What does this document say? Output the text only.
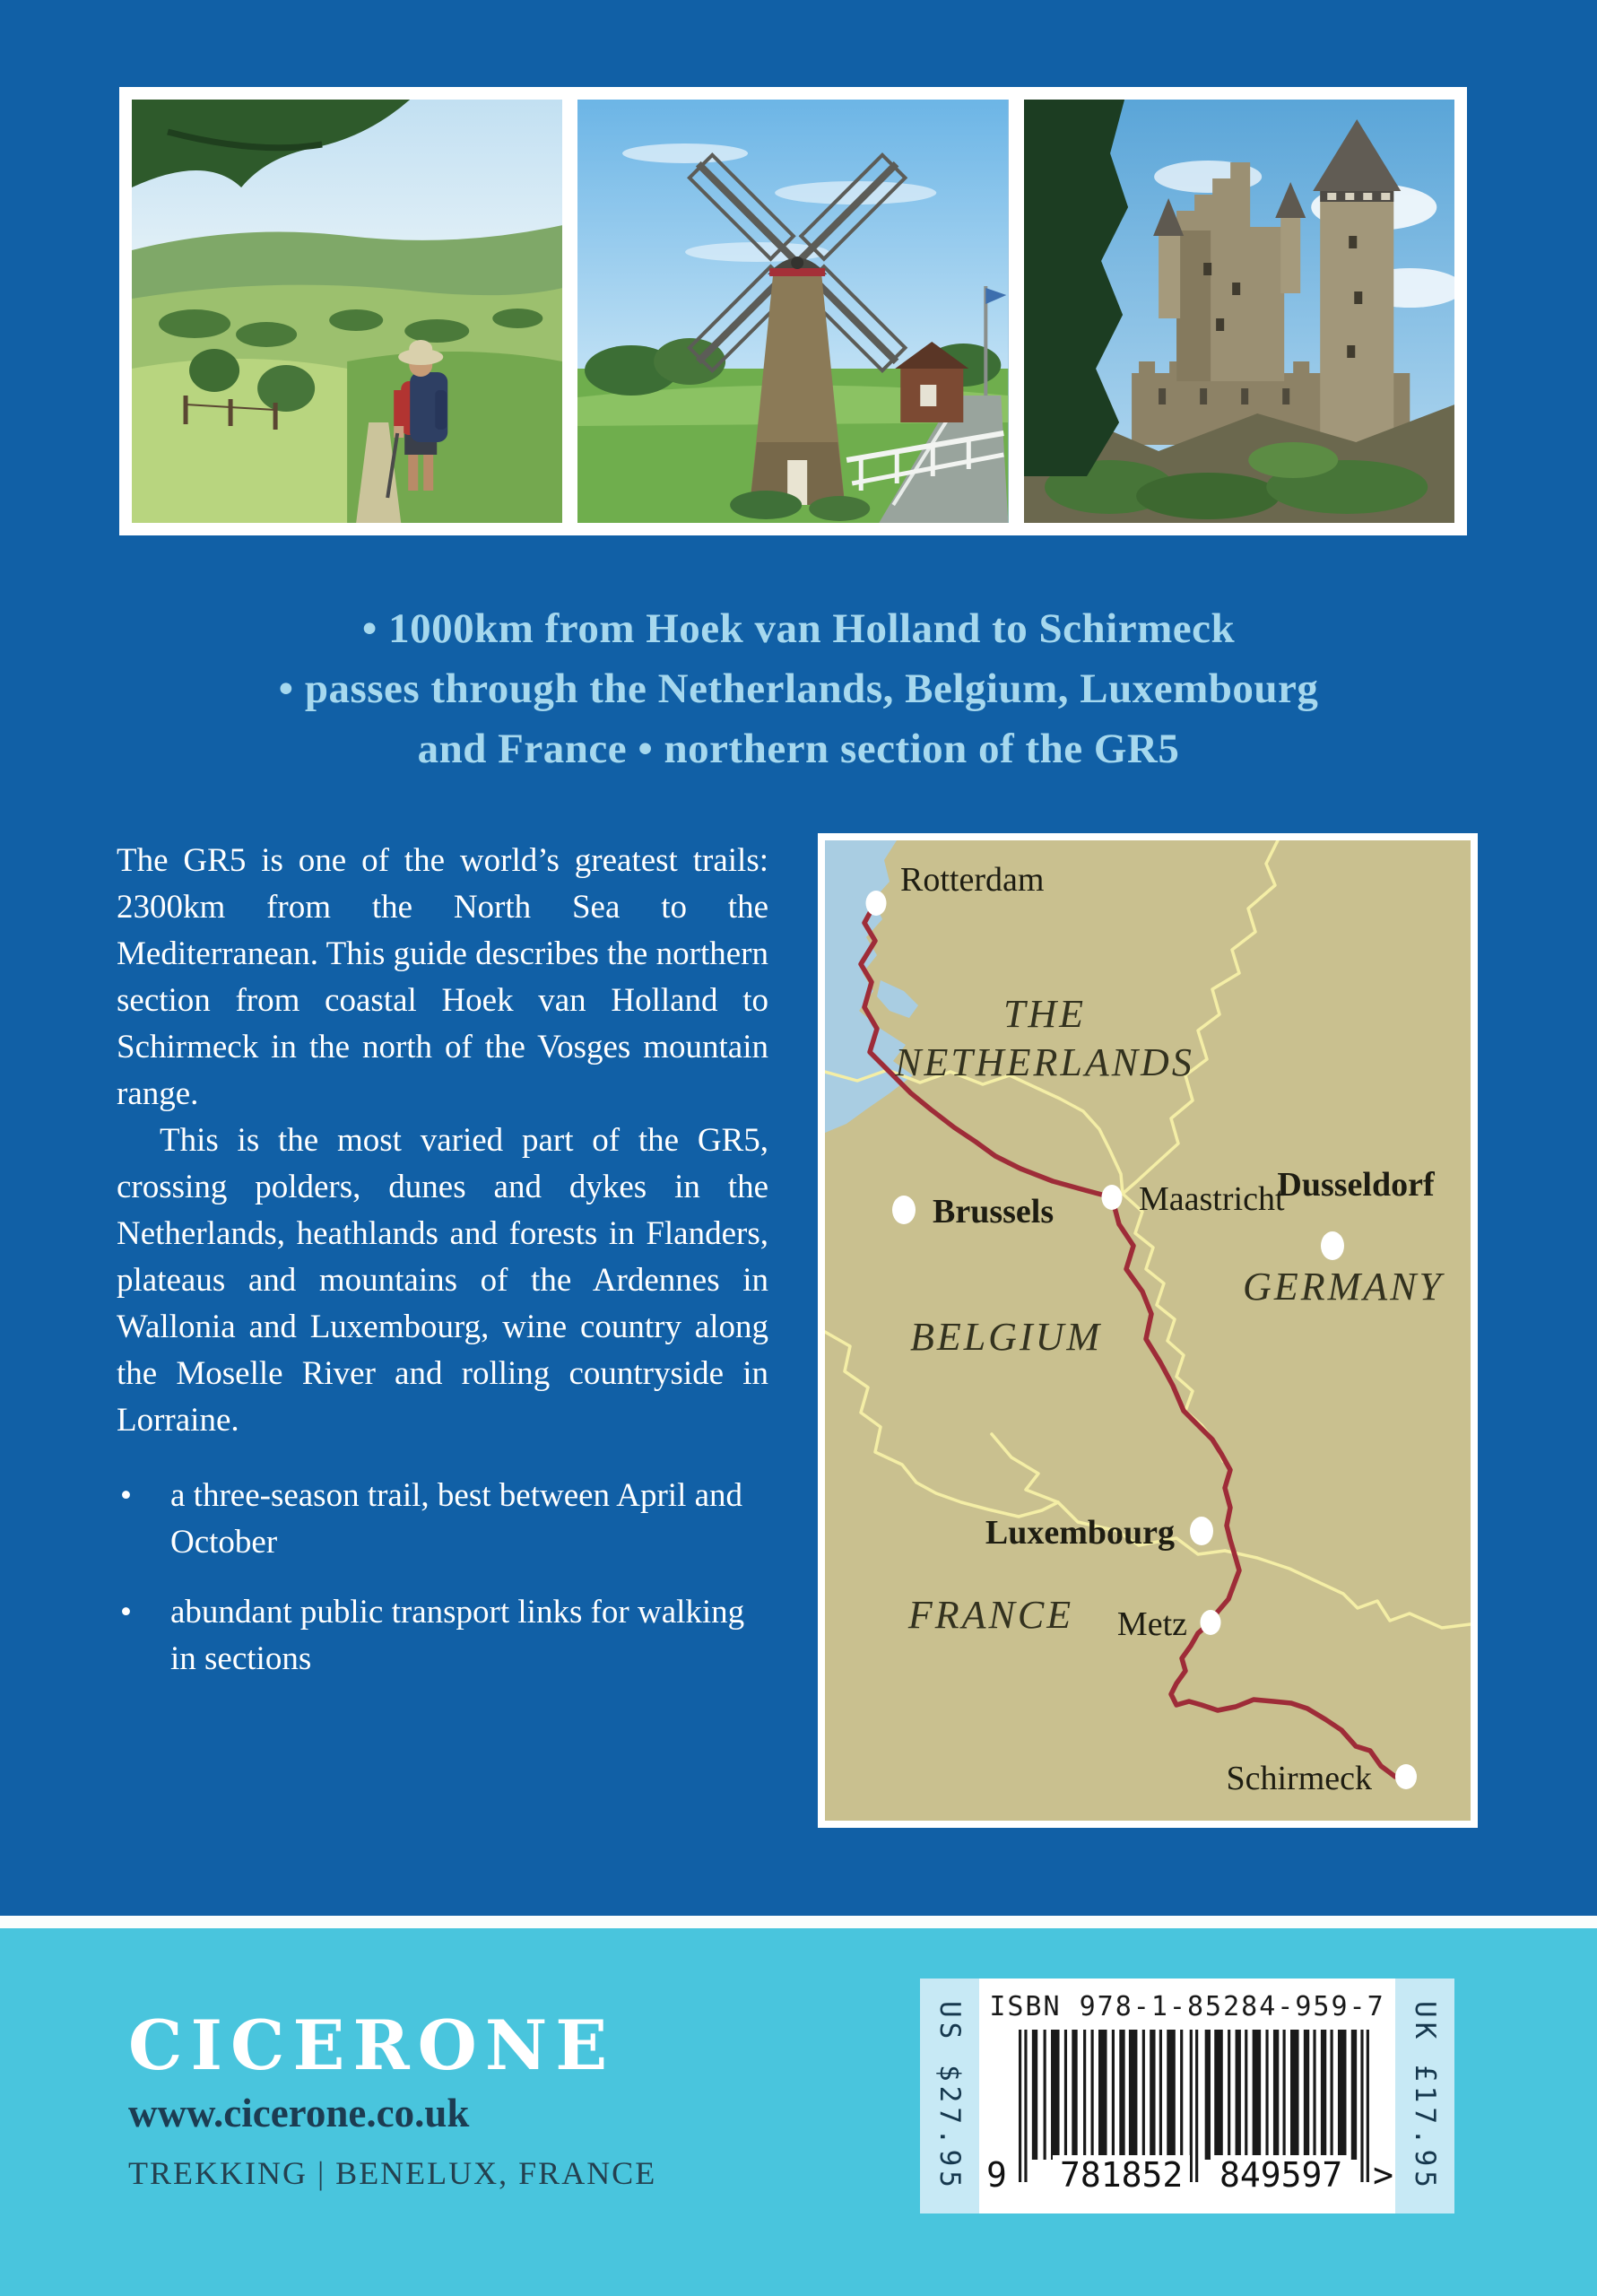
• 1000km from Hoek van Holland to Schirmeck
• passes through the Netherlands, Belgium, Luxembourg
and France • northern section of the GR5

The GR5 is one of the world’s greatest trails: 2300km from the North Sea to the Mediterranean. This guide describes the northern section from coastal Hoek van Holland to Schirmeck in the north of the Vosges mountain range.

This is the most varied part of the GR5, crossing polders, dunes and dykes in the Netherlands, heathlands and forests in Flanders, plateaus and mountains of the Ardennes in Wallonia and Luxembourg, wine country along the Moselle River and rolling countryside in Lorraine.

•	a three-season trail, best between April and October
•	abundant public transport links for walking in sections
THE
NETHERLANDS
GERMANY
BELGIUM
FRANCE
Rotterdam
Dusseldorf
Brussels Maastricht
Luxembourg
Metz
Schirmeck
CICERONE
www.cicerone.co.uk
TREKKING | BENELUX, FRANCE	US $27.95 ISBN 978-1-85284-959-7
9 781852 849597 > UK £17.95
